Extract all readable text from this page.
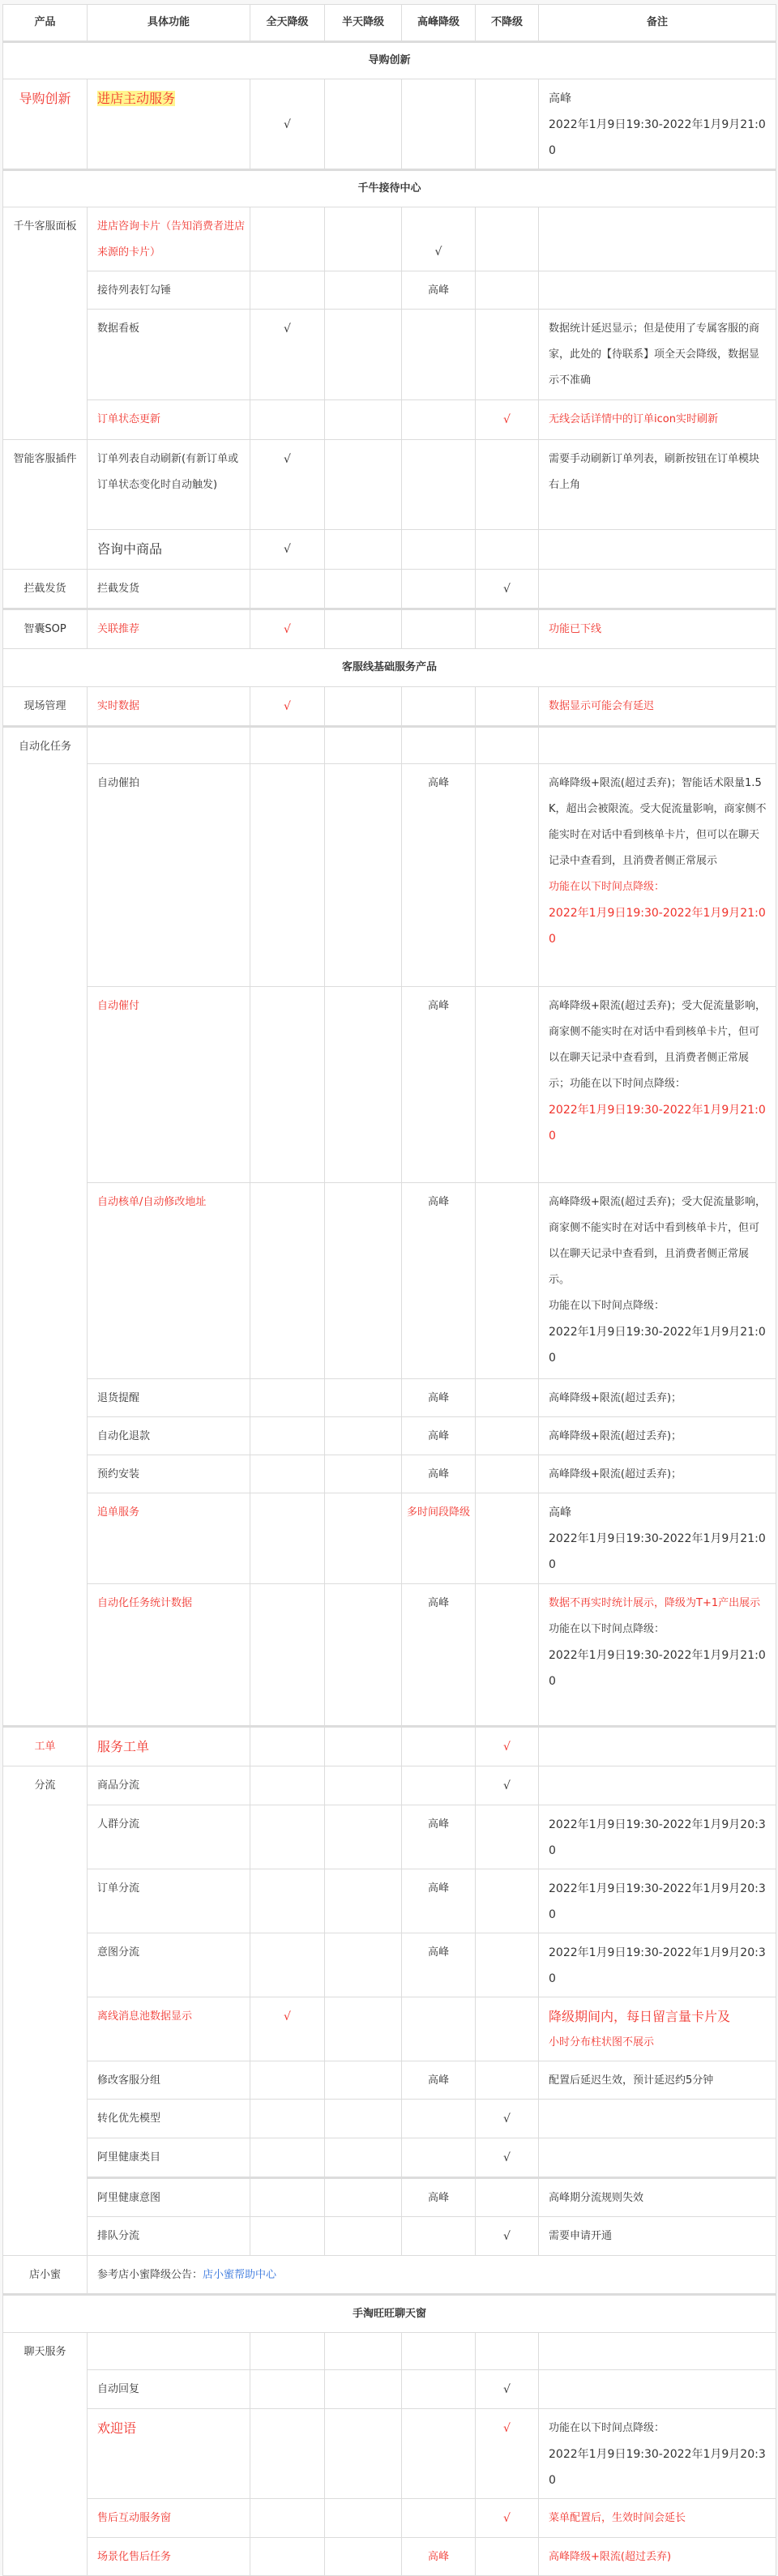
产品	具体功能	全天降级	半天降级	高峰降级	不降级	备注
导购创新						
导购创新	进店主动服务	√				高峰
2022年1月9日19:30-2022年1月9月21:00

千牛接待中心						
千牛客服面板	进店咨询卡片（告知消费者进店来源的卡片）			√		
	接待列表钉勾锤			高峰		
	数据看板	√				数据统计延迟显示；但是使用了专属客服的商家，此处的【待联系】项全天会降级，数据显示不准确
	订单状态更新				√	无线会话详情中的订单icon实时刷新
智能客服插件	订单列表自动刷新(有新订单或订单状态变化时自动触发)	√				需要手动刷新订单列表，刷新按钮在订单模块右上角
	咨询中商品	√				
拦截发货	拦截发货				√	
智囊SOP	关联推荐	√				功能已下线
客服线基础服务产品						
现场管理	实时数据	√				数据显示可能会有延迟
自动化任务						
	自动催拍			高峰		高峰降级+限流(超过丢弃)；智能话术限量1.5K，超出会被限流。受大促流量影响，商家侧不能实时在对话中看到核单卡片，但可以在聊天记录中查看到，且消费者侧正常展示
功能在以下时间点降级：
2022年1月9日19:30-2022年1月9月21:00

	自动催付			高峰		高峰降级+限流(超过丢弃)；受大促流量影响，商家侧不能实时在对话中看到核单卡片，但可以在聊天记录中查看到，且消费者侧正常展示；功能在以下时间点降级：
2022年1月9日19:30-2022年1月9月21:00

	自动核单/自动修改地址			高峰		高峰降级+限流(超过丢弃)；受大促流量影响，商家侧不能实时在对话中看到核单卡片，但可以在聊天记录中查看到，且消费者侧正常展示。
功能在以下时间点降级：
2022年1月9日19:30-2022年1月9月21:00

	退货提醒			高峰		高峰降级+限流(超过丢弃)；
	自动化退款			高峰		高峰降级+限流(超过丢弃)；
	预约安装			高峰		高峰降级+限流(超过丢弃)；
	追单服务			多时间段降级		高峰
2022年1月9日19:30-2022年1月9月21:00

	自动化任务统计数据			高峰		数据不再实时统计展示，降级为T+1产出展示
功能在以下时间点降级：
2022年1月9日19:30-2022年1月9月21:00

工单	服务工单				√	
分流	商品分流				√	
	人群分流			高峰		2022年1月9日19:30-2022年1月9月20:30
	订单分流			高峰		2022年1月9日19:30-2022年1月9月20:30
	意图分流			高峰		2022年1月9日19:30-2022年1月9月20:30
	离线消息池数据显示	√				降级期间内，每日留言量卡片及
小时分布柱状图不展示

	修改客服分组			高峰		配置后延迟生效，预计延迟约5分钟
	转化优先模型				√	
	阿里健康类目				√	
	阿里健康意图			高峰		高峰期分流规则失效
	排队分流				√	需要申请开通
店小蜜	参考店小蜜降级公告：店小蜜帮助中心					
手淘旺旺聊天窗						
聊天服务						
	自动回复				√	
	欢迎语				√	功能在以下时间点降级：
2022年1月9日19:30-2022年1月9月20:30

	售后互动服务窗				√	菜单配置后，生效时间会延长
	场景化售后任务			高峰		高峰降级+限流(超过丢弃)
